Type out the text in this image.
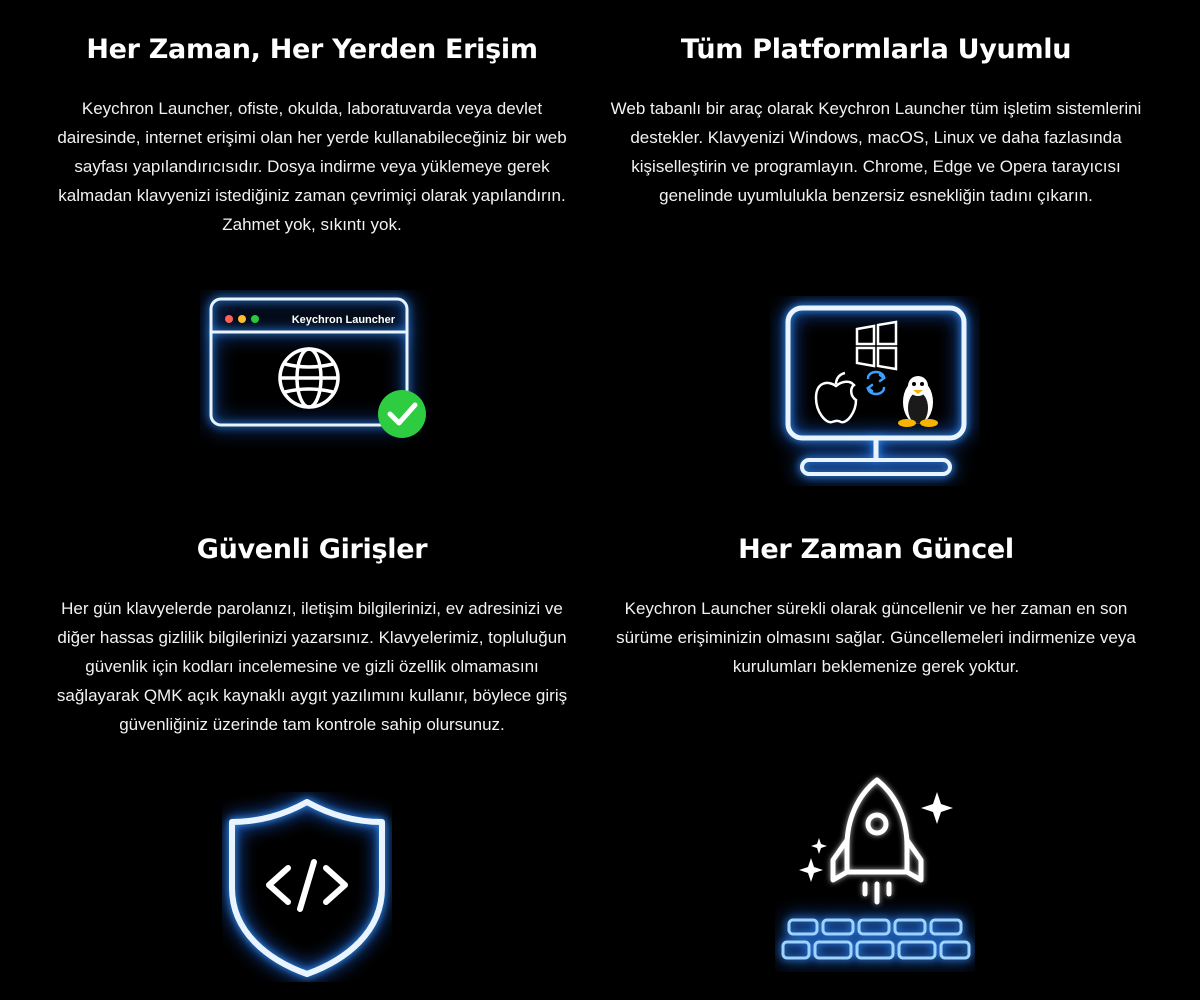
Her Zaman, Her Yerden Erişim

Keychron Launcher, ofiste, okulda, laboratuvarda veya devlet dairesinde, internet erişimi olan her yerde kullanabileceğiniz bir web sayfası yapılandırıcısıdır. Dosya indirme veya yüklemeye gerek kalmadan klavyenizi istediğiniz zaman çevrimiçi olarak yapılandırın. Zahmet yok, sıkıntı yok.

Tüm Platformlarla Uyumlu

Web tabanlı bir araç olarak Keychron Launcher tüm işletim sistemlerini destekler. Klavyenizi Windows, macOS, Linux ve daha fazlasında kişiselleştirin ve programlayın. Chrome, Edge ve Opera tarayıcısı genelinde uyumlulukla benzersiz esnekliğin tadını çıkarın.

Güvenli Girişler

Her gün klavyelerde parolanızı, iletişim bilgilerinizi, ev adresinizi ve diğer hassas gizlilik bilgilerinizi yazarsınız. Klavyelerimiz, topluluğun güvenlik için kodları incelemesine ve gizli özellik olmamasını sağlayarak QMK açık kaynaklı aygıt yazılımını kullanır, böylece giriş güvenliğiniz üzerinde tam kontrole sahip olursunuz.

Her Zaman Güncel

Keychron Launcher sürekli olarak güncellenir ve her zaman en son sürüme erişiminizin olmasını sağlar. Güncellemeleri indirmenize veya kurulumları beklemenize gerek yoktur.

Keychron Launcher
